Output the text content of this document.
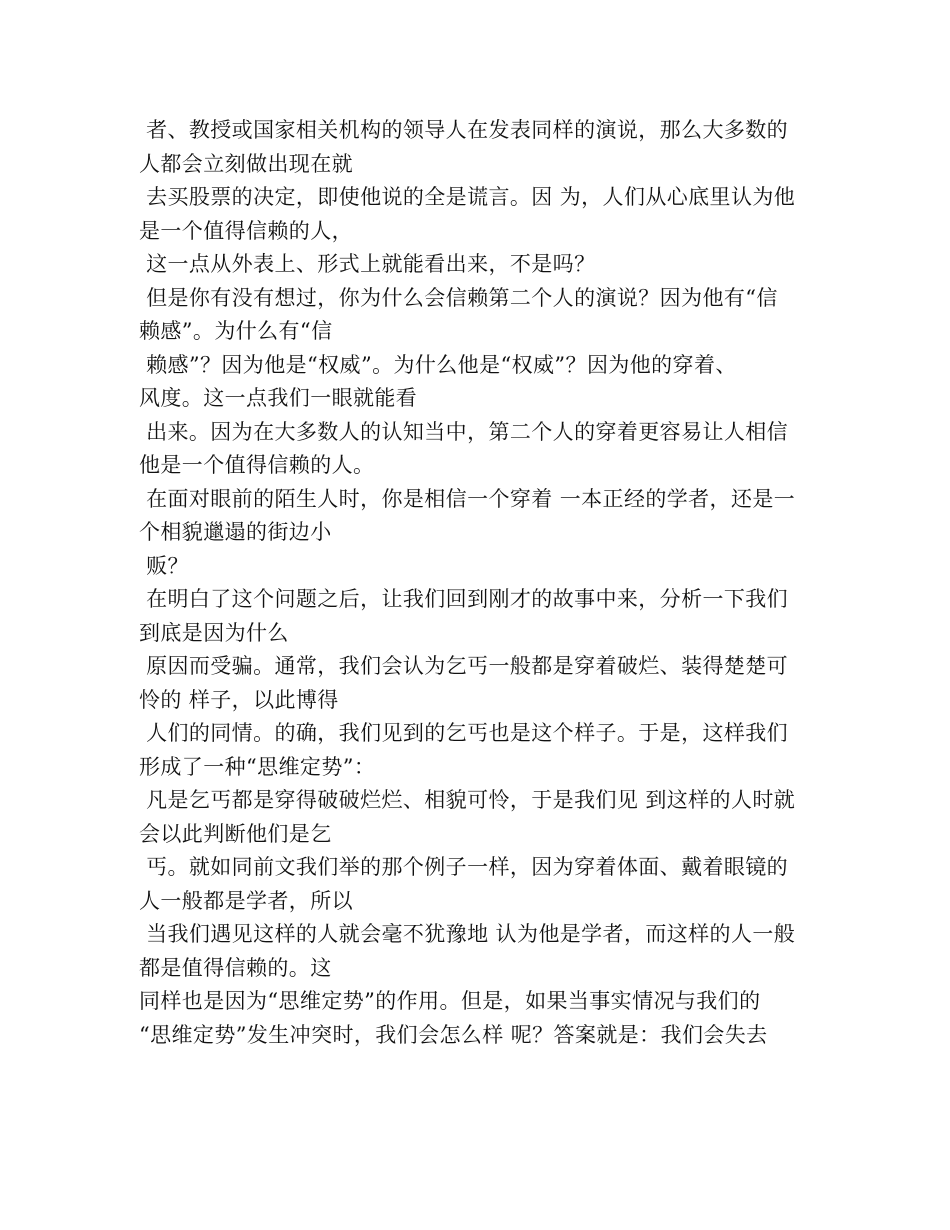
者、教授或国家相关机构的领导人在发表同样的演说，那么大多数的
人都会立刻做出现在就
去买股票的决定，即使他说的全是谎言。因 为，人们从心底里认为他
是一个值得信赖的人，
这一点从外表上、形式上就能看出来，不是吗？
但是你有没有想过，你为什么会信赖第二个人的演说？因为他有“信
赖感”。为什么有“信
赖感”？因为他是“权威”。为什么他是“权威”？因为他的穿着、
风度。这一点我们一眼就能看
出来。因为在大多数人的认知当中，第二个人的穿着更容易让人相信
他是一个值得信赖的人。
在面对眼前的陌生人时，你是相信一个穿着 一本正经的学者，还是一
个相貌邋遢的街边小
贩？
在明白了这个问题之后，让我们回到刚才的故事中来，分析一下我们
到底是因为什么
原因而受骗。通常，我们会认为乞丐一般都是穿着破烂、装得楚楚可
怜的 样子，以此博得
人们的同情。的确，我们见到的乞丐也是这个样子。于是，这样我们
形成了一种“思维定势”：
凡是乞丐都是穿得破破烂烂、相貌可怜，于是我们见 到这样的人时就
会以此判断他们是乞
丐。就如同前文我们举的那个例子一样，因为穿着体面、戴着眼镜的
人一般都是学者，所以
当我们遇见这样的人就会毫不犹豫地 认为他是学者，而这样的人一般
都是值得信赖的。这
同样也是因为“思维定势”的作用。但是，如果当事实情况与我们的
“思维定势”发生冲突时，我们会怎么样 呢？答案就是：我们会失去
